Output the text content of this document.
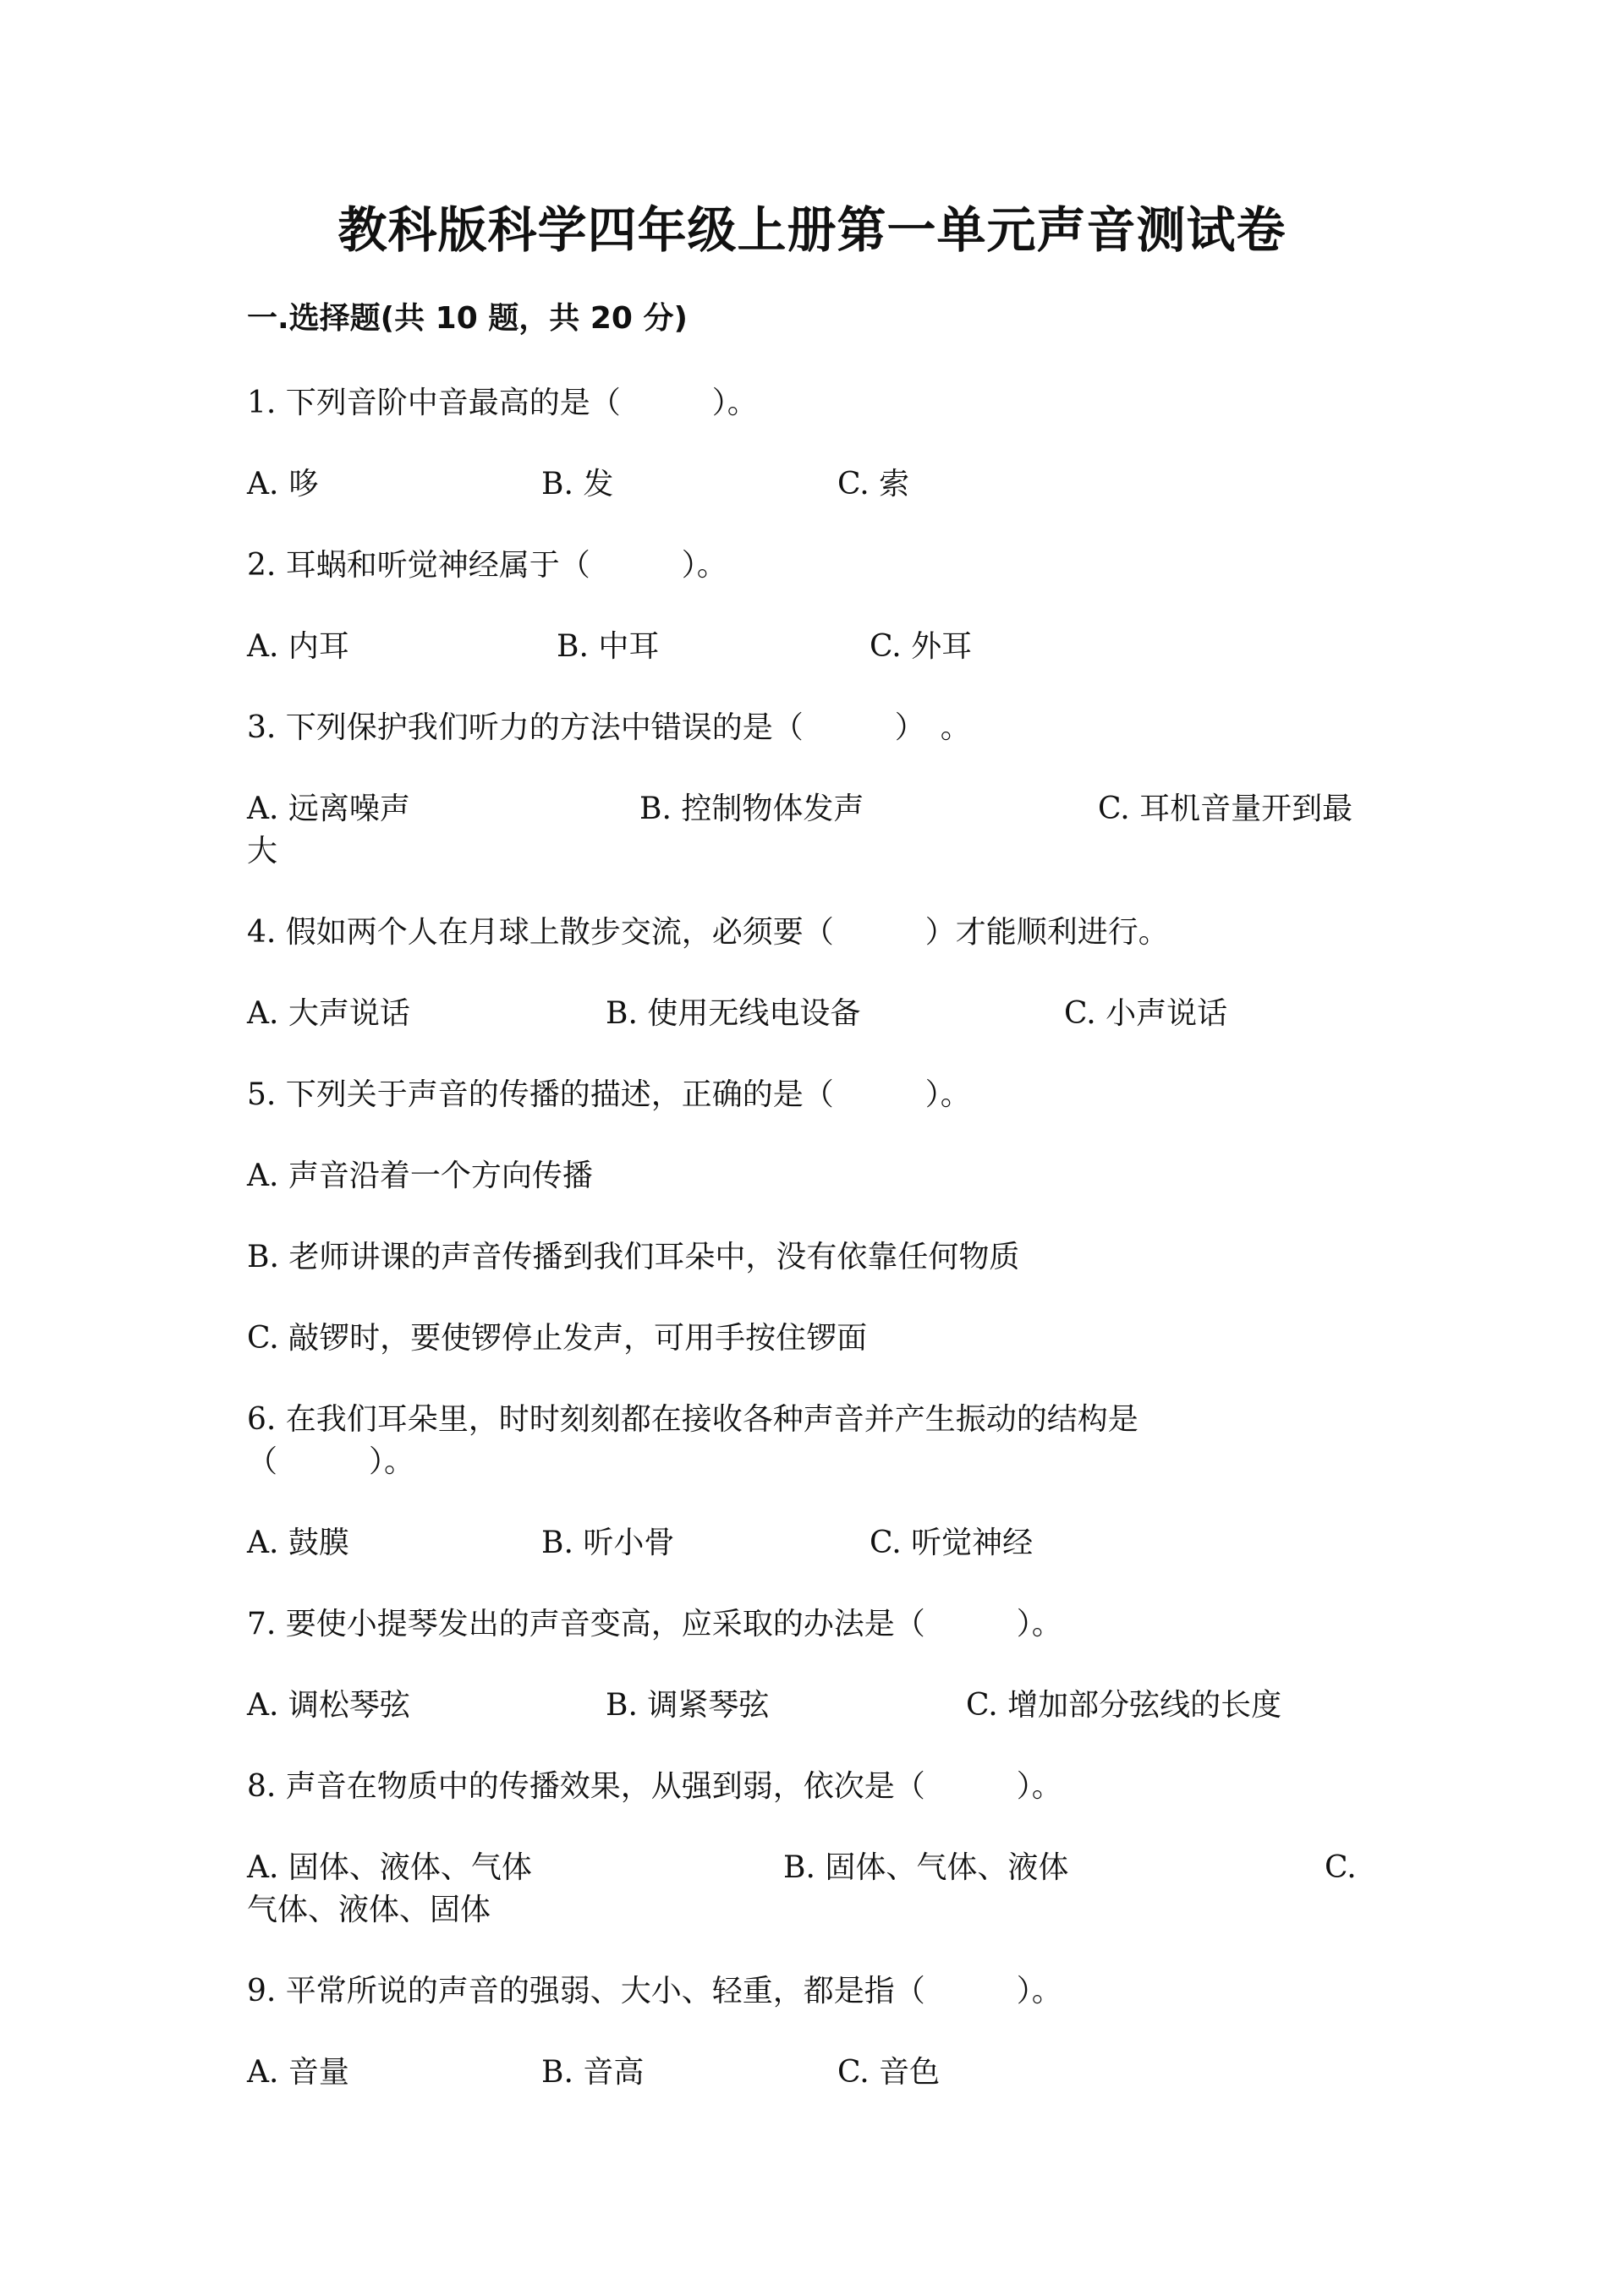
教科版科学四年级上册第一单元声音测试卷
一.选择题(共 10 题，共 20 分)
1. 下列音阶中音最高的是（　　　）。
A. 哆	B. 发	C. 索
2. 耳蜗和听觉神经属于（　　　）。
A. 内耳	B. 中耳	C. 外耳
3. 下列保护我们听力的方法中错误的是（　　　）　。
A. 远离噪声	B. 控制物体发声	C. 耳机音量开到最
大
4. 假如两个人在月球上散步交流，必须要（　　　）才能顺利进行。
A. 大声说话	B. 使用无线电设备	C. 小声说话
5. 下列关于声音的传播的描述，正确的是（　　　）。
A. 声音沿着一个方向传播
B. 老师讲课的声音传播到我们耳朵中，没有依靠任何物质
C. 敲锣时，要使锣停止发声，可用手按住锣面
6. 在我们耳朵里，时时刻刻都在接收各种声音并产生振动的结构是
（　　　）。
A. 鼓膜	B. 听小骨	C. 听觉神经
7. 要使小提琴发出的声音变高，应采取的办法是（　　　）。
A. 调松琴弦	B. 调紧琴弦	C. 增加部分弦线的长度
8. 声音在物质中的传播效果，从强到弱，依次是（　　　）。
A. 固体、液体、气体	B. 固体、气体、液体	C.
气体、液体、固体
9. 平常所说的声音的强弱、大小、轻重，都是指（　　　）。
A. 音量	B. 音高	C. 音色
